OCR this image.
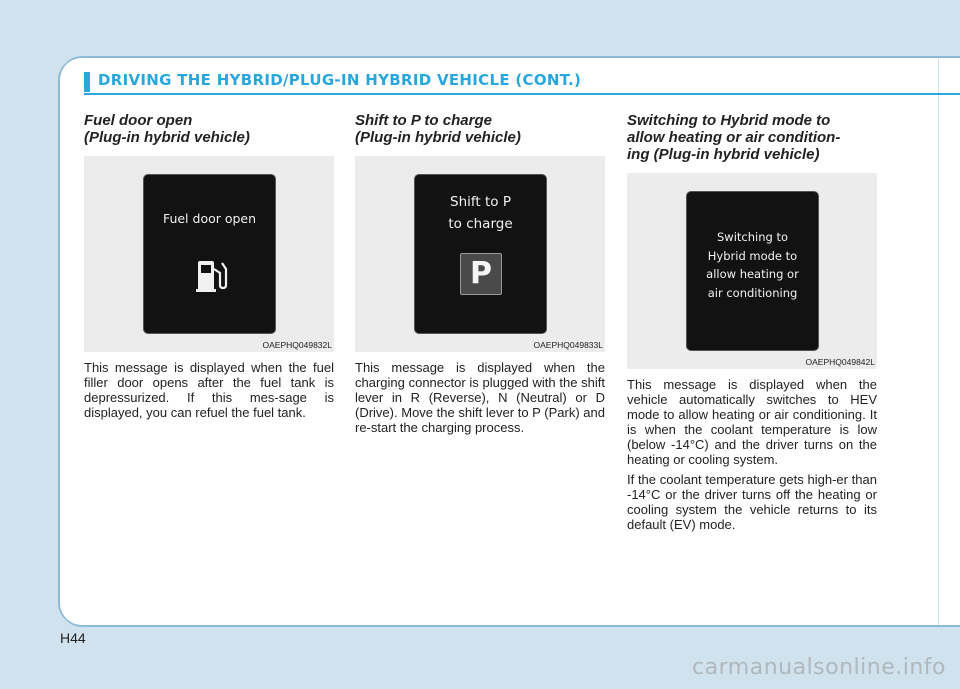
DRIVING THE HYBRID/PLUG-IN HYBRID VEHICLE (CONT.)
Fuel door open
(Plug-in hybrid vehicle)
Fuel door open
OAEPHQ049832L

This message is displayed when the fuel filler door opens after the fuel tank is depressurized. If this mes-sage is displayed, you can refuel the fuel tank.

Shift to P to charge
(Plug-in hybrid vehicle)
Shift to P
to charge
P
OAEPHQ049833L

This message is displayed when the charging connector is plugged with the shift lever in R (Reverse), N (Neutral) or D (Drive). Move the shift lever to P (Park) and re-start the charging process.

Switching to Hybrid mode to
allow heating or air condition-
ing (Plug-in hybrid vehicle)
Switching to
Hybrid mode to
allow heating or
air conditioning
OAEPHQ049842L

This message is displayed when the vehicle automatically switches to HEV mode to allow heating or air conditioning. It is when the coolant temperature is low (below -14°C) and the driver turns on the heating or cooling system.

If the coolant temperature gets high-er than -14°C or the driver turns off the heating or cooling system the vehicle returns to its default (EV) mode.

H44
carmanualsonline.info
